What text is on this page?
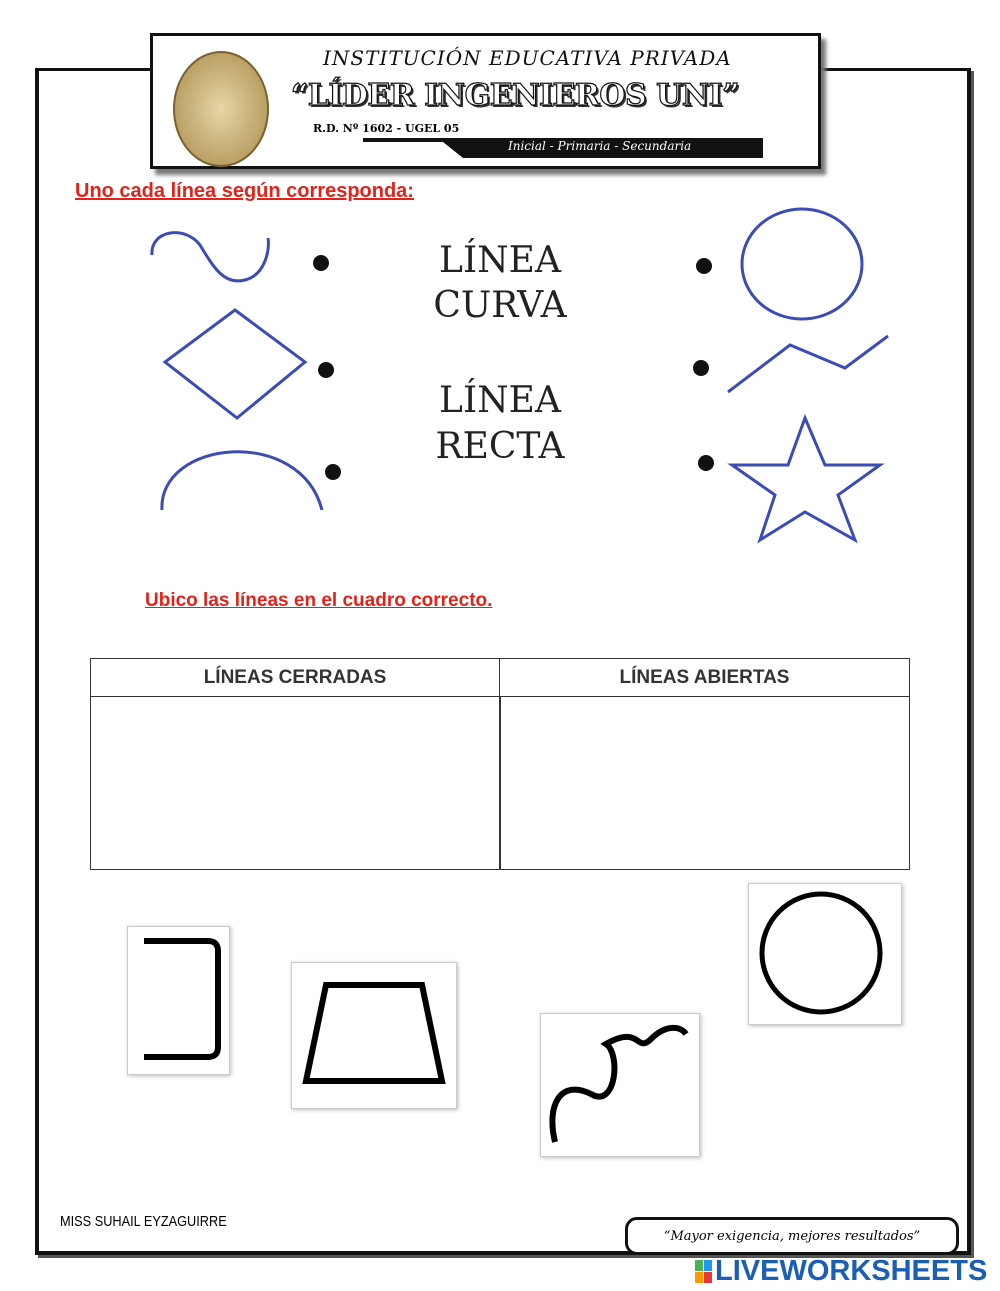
INSTITUCIÓN EDUCATIVA PRIVADA
“LÍDER INGENIEROS UNI”
R.D. Nº 1602 - UGEL 05
Inicial - Primaria - Secundaria
Uno cada línea según corresponda:
LÍNEA
CURVA
LÍNEA
RECTA
Ubico las líneas en el cuadro correcto.
LÍNEAS CERRADAS	LÍNEAS ABIERTAS
MISS SUHAIL EYZAGUIRRE
“Mayor exigencia, mejores resultados”
LIVEWORKSHEETS
